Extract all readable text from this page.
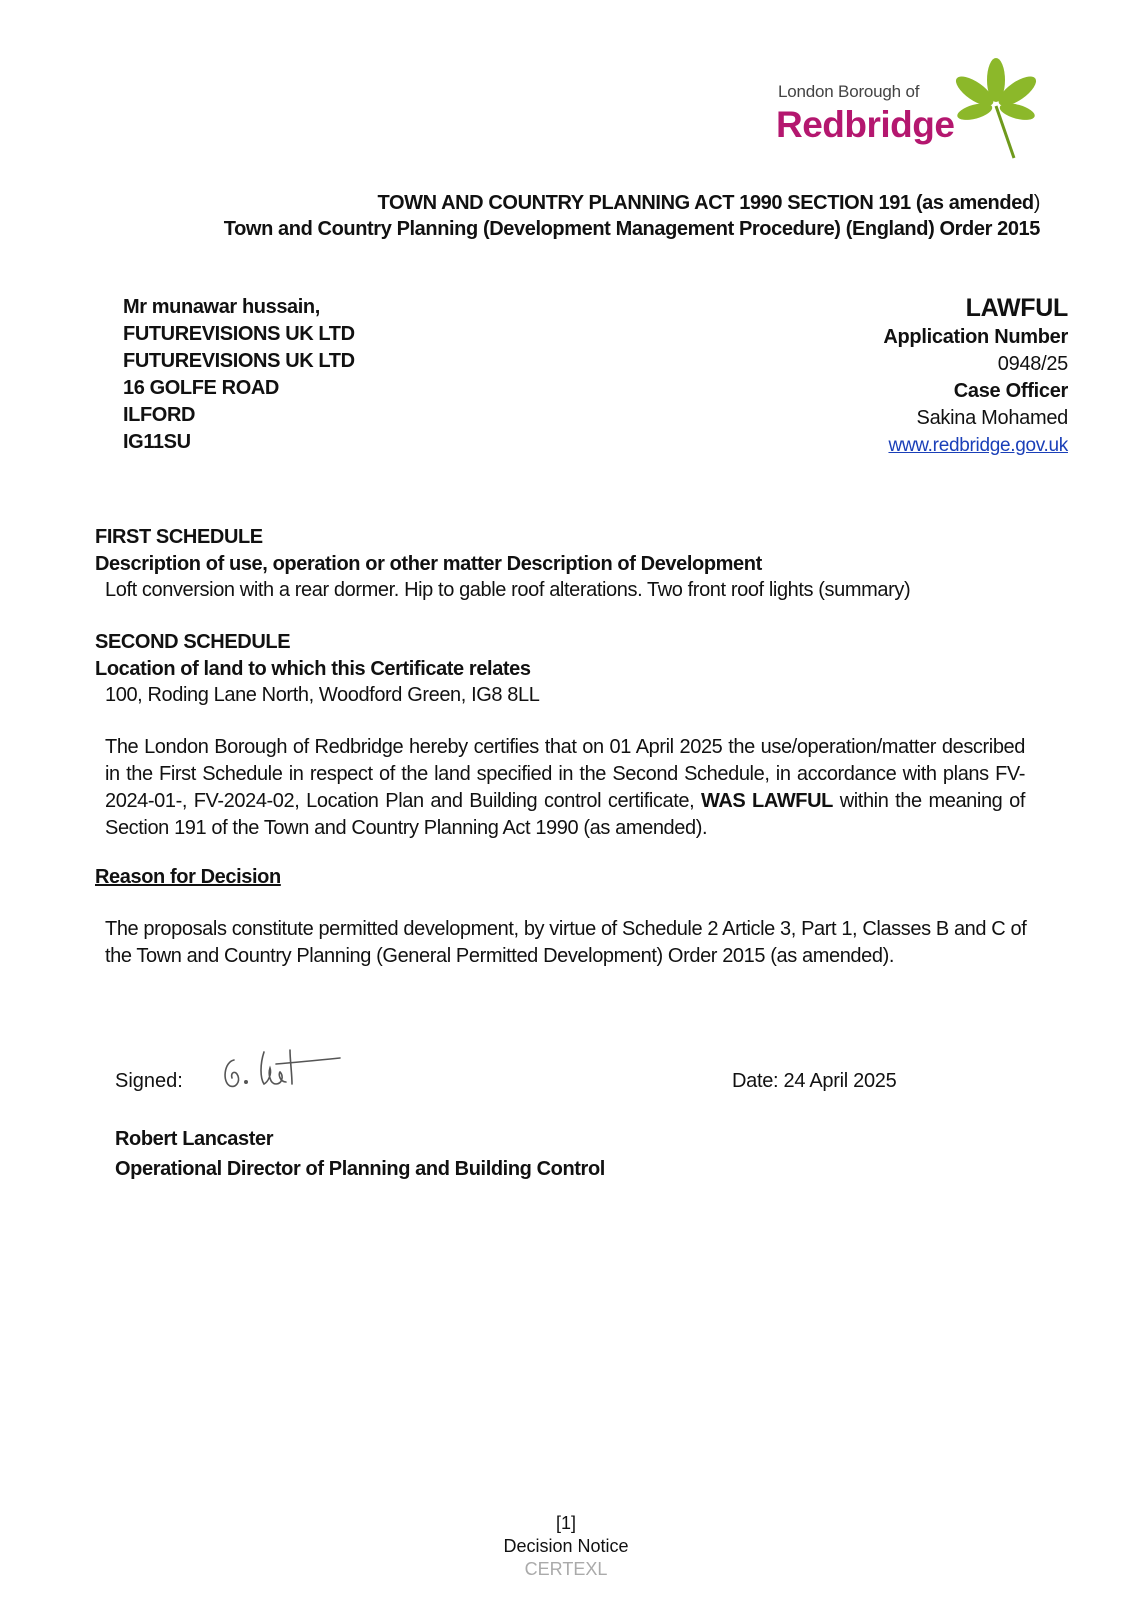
London Borough of
Redbridge
TOWN AND COUNTRY PLANNING ACT 1990 SECTION 191 (as amended)
Town and Country Planning (Development Management Procedure) (England) Order 2015
Mr munawar hussain,
FUTUREVISIONS UK LTD
FUTUREVISIONS UK LTD
16 GOLFE ROAD
ILFORD
IG11SU
LAWFUL
Application Number
0948/25
Case Officer
Sakina Mohamed
www.redbridge.gov.uk
FIRST SCHEDULE
Description of use, operation or other matter Description of Development
Loft conversion with a rear dormer. Hip to gable roof alterations. Two front roof lights (summary)
SECOND SCHEDULE
Location of land to which this Certificate relates
100, Roding Lane North, Woodford Green, IG8 8LL
The London Borough of Redbridge hereby certifies that on 01 April 2025 the use/operation/matter described in the First Schedule in respect of the land specified in the Second Schedule, in accordance with plans FV-2024-01-, FV-2024-02, Location Plan and Building control certificate, WAS LAWFUL within the meaning of Section 191 of the Town and Country Planning Act 1990 (as amended).
Reason for Decision
The proposals constitute permitted development, by virtue of Schedule 2 Article 3, Part 1, Classes B and C of the Town and Country Planning (General Permitted Development) Order 2015 (as amended).
Signed:	Date: 24 April 2025
Robert Lancaster
Operational Director of Planning and Building Control
[1]
Decision Notice
CERTEXL
